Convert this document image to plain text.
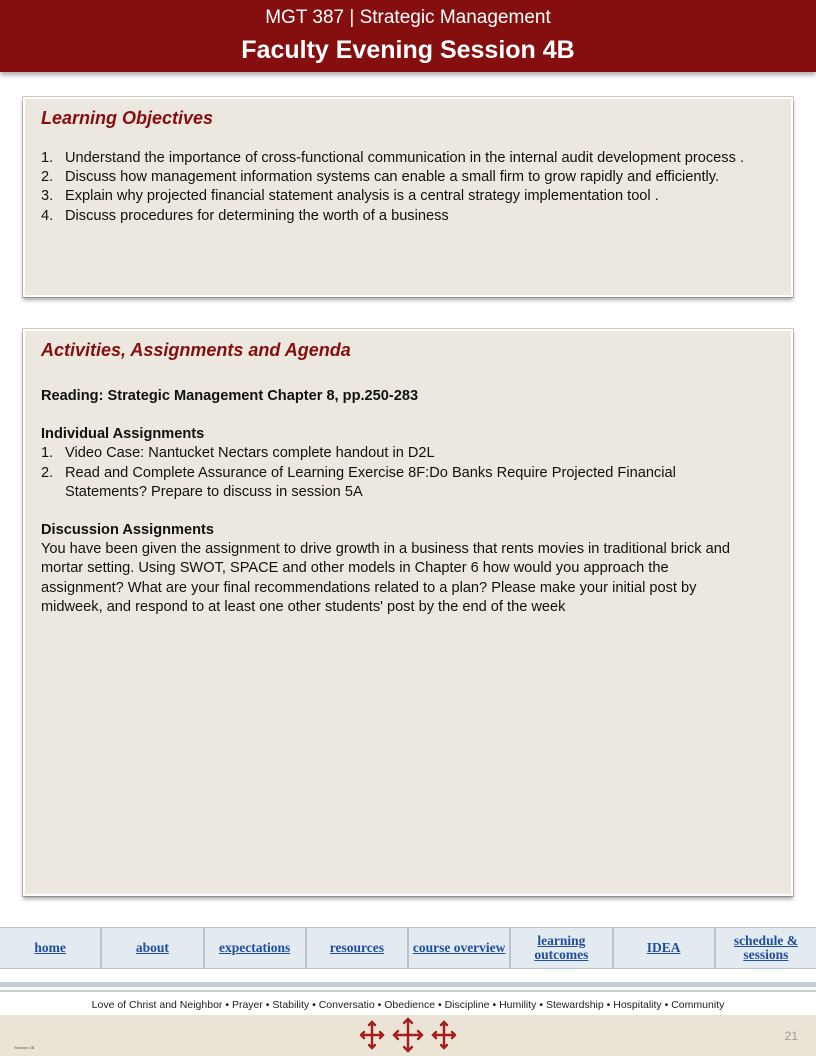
MGT 387 | Strategic Management
Faculty Evening Session 4B
Learning Objectives
1. Understand the importance of cross-functional communication in the internal audit development process .
2. Discuss how management information systems can enable a small firm to grow rapidly and efficiently.
3. Explain why projected financial statement analysis is a central strategy implementation tool .
4. Discuss procedures for determining the worth of a business
Activities, Assignments and Agenda
Reading: Strategic Management Chapter 8, pp.250-283
Individual Assignments
1. Video Case: Nantucket Nectars complete handout in D2L
2. Read and Complete Assurance of Learning Exercise 8F:Do Banks Require Projected Financial Statements? Prepare to discuss in session 5A
Discussion Assignments
You have been given the assignment to drive growth in a business that rents movies in traditional brick and mortar setting. Using SWOT, SPACE and other models in Chapter 6 how would you approach the assignment? What are your final recommendations related to a plan? Please make your initial post by midweek, and respond to at least one other students' post by the end of the week
home	about	expectations	resources	course overview	learning outcomes	IDEA	schedule & sessions
Love of Christ and Neighbor • Prayer • Stability • Conversatio • Obedience • Discipline • Humility • Stewardship • Hospitality • Community
21
Session 4B
